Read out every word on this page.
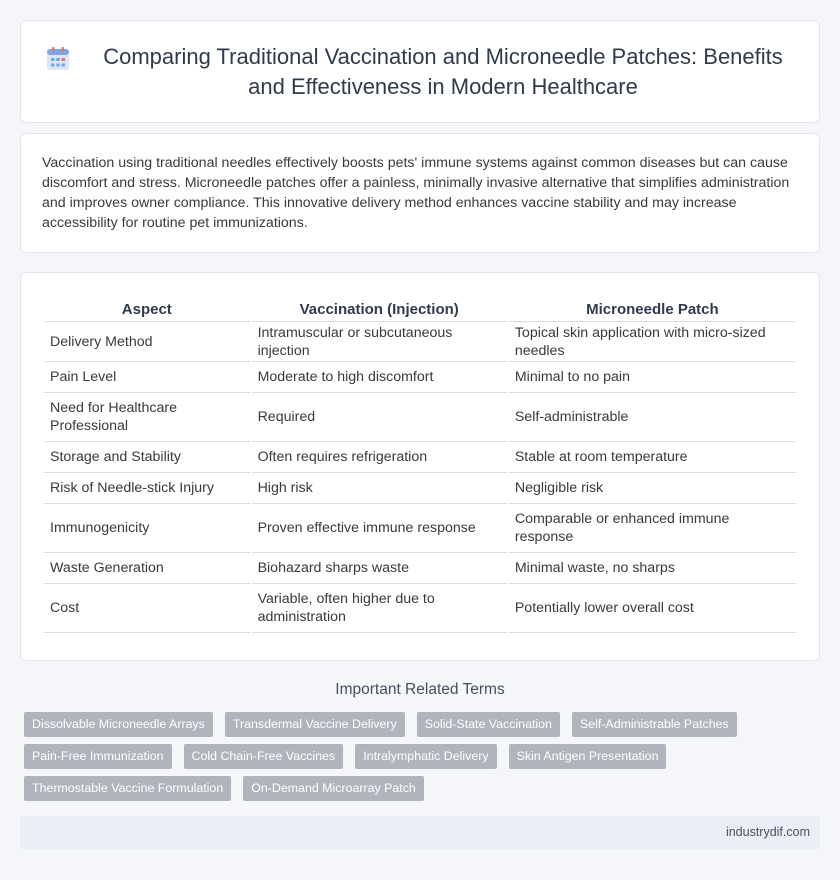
Comparing Traditional Vaccination and Microneedle Patches: Benefits and Effectiveness in Modern Healthcare

Vaccination using traditional needles effectively boosts pets' immune systems against common diseases but can cause discomfort and stress. Microneedle patches offer a painless, minimally invasive alternative that simplifies administration and improves owner compliance. This innovative delivery method enhances vaccine stability and may increase accessibility for routine pet immunizations.

Aspect	Vaccination (Injection)	Microneedle Patch
Delivery Method	Intramuscular or subcutaneous injection	Topical skin application with micro-sized needles
Pain Level	Moderate to high discomfort	Minimal to no pain
Need for Healthcare Professional	Required	Self-administrable
Storage and Stability	Often requires refrigeration	Stable at room temperature
Risk of Needle-stick Injury	High risk	Negligible risk
Immunogenicity	Proven effective immune response	Comparable or enhanced immune response
Waste Generation	Biohazard sharps waste	Minimal waste, no sharps
Cost	Variable, often higher due to administration	Potentially lower overall cost
Important Related Terms
Dissolvable Microneedle Arrays	Transdermal Vaccine Delivery	Solid-State Vaccination	Self-Administrable Patches
Pain-Free Immunization	Cold Chain-Free Vaccines	Intralymphatic Delivery	Skin Antigen Presentation
Thermostable Vaccine Formulation	On-Demand Microarray Patch
industrydif.com
